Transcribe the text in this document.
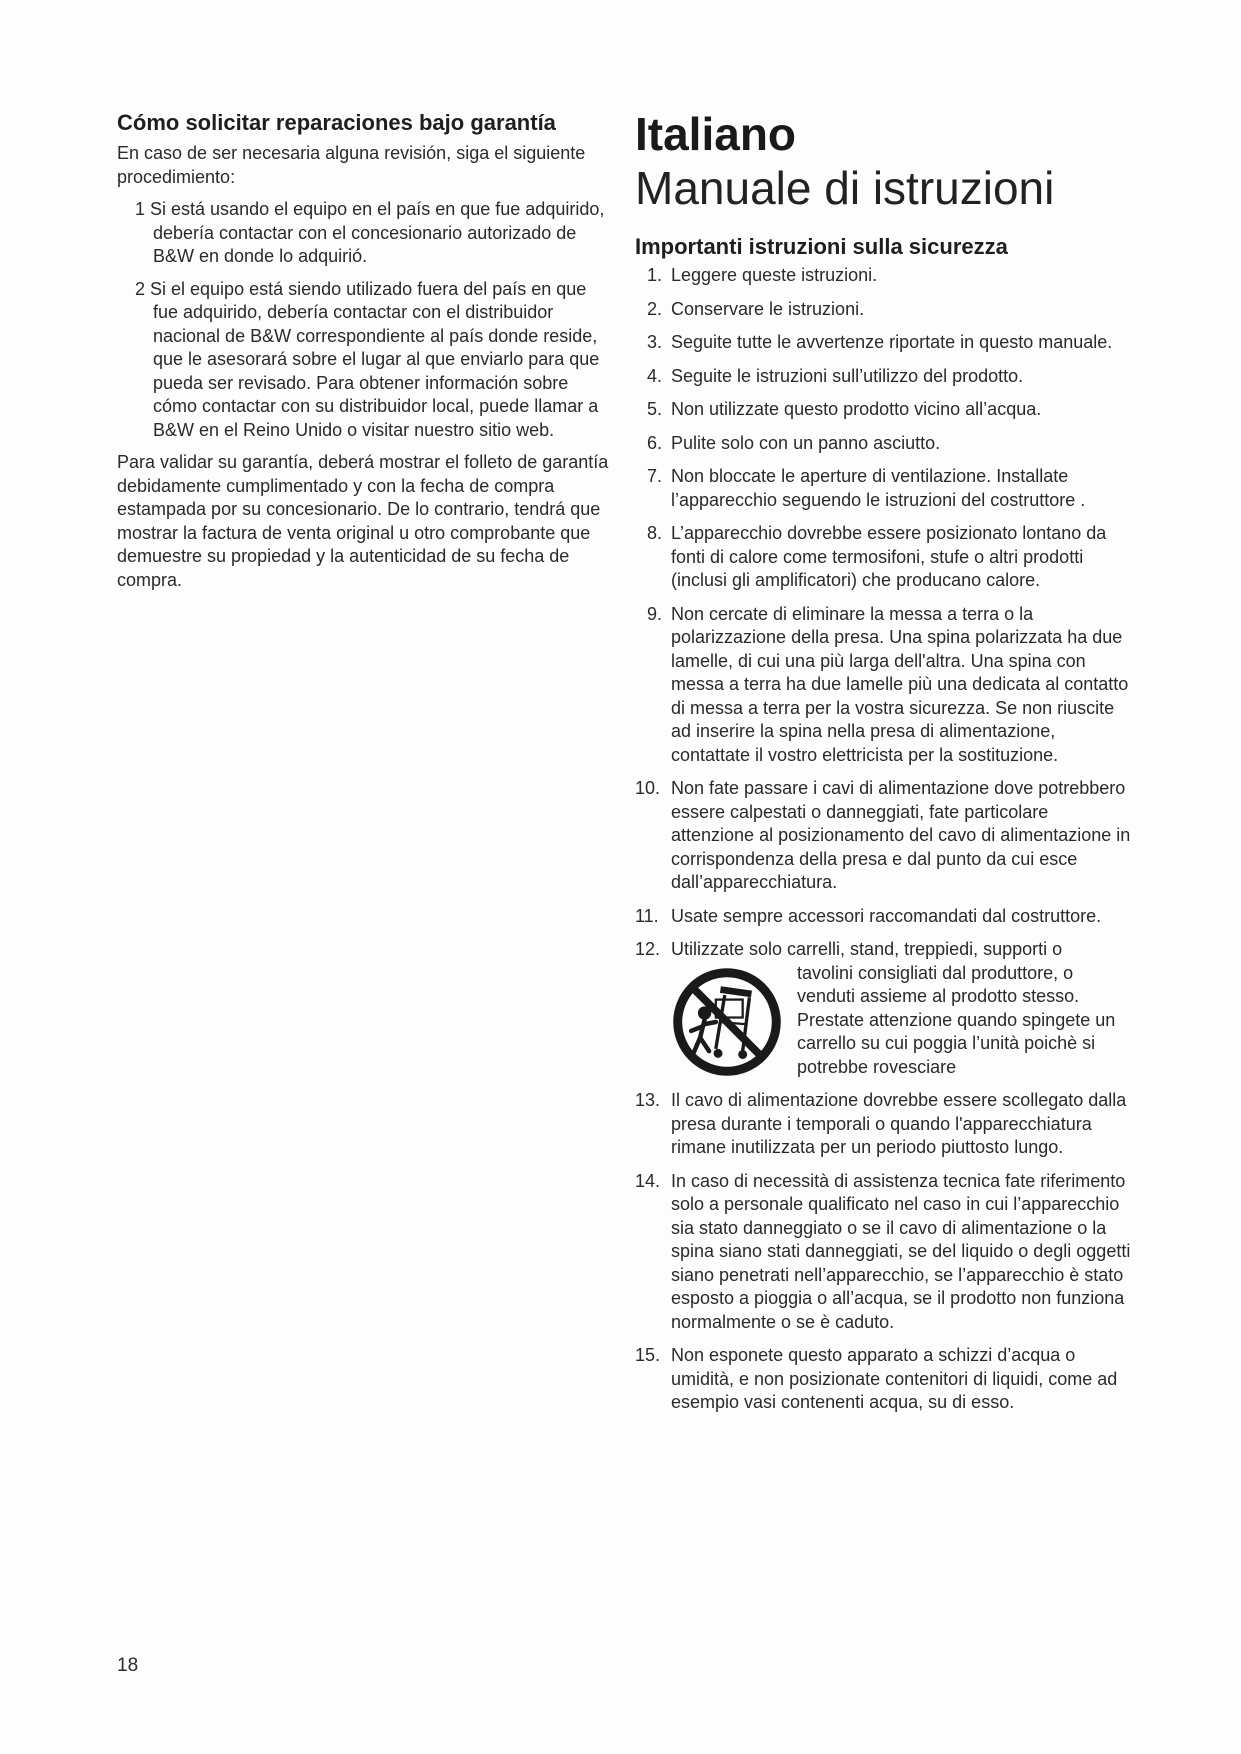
Cómo solicitar reparaciones bajo garantía

En caso de ser necesaria alguna revisión, siga el siguiente procedimiento:

1 Si está usando el equipo en el país en que fue adquirido, debería contactar con el concesionario autorizado de B&W en donde lo adquirió.

2 Si el equipo está siendo utilizado fuera del país en que fue adquirido, debería contactar con el distribuidor nacional de B&W correspondiente al país donde reside, que le asesorará sobre el lugar al que enviarlo para que pueda ser revisado. Para obtener información sobre cómo contactar con su distribuidor local, puede llamar a B&W en el Reino Unido o visitar nuestro sitio web.

Para validar su garantía, deberá mostrar el folleto de garantía debidamente cumplimentado y con la fecha de compra estampada por su concesionario. De lo contrario, tendrá que mostrar la factura de venta original u otro comprobante que demuestre su propiedad y la autenticidad de su fecha de compra.

Italiano
Manuale di istruzioni
Importanti istruzioni sulla sicurezza

1. Leggere queste istruzioni.

2. Conservare le istruzioni.

3. Seguite tutte le avvertenze riportate in questo manuale.

4. Seguite le istruzioni sull’utilizzo del prodotto.

5. Non utilizzate questo prodotto vicino all’acqua.

6. Pulite solo con un panno asciutto.

7. Non bloccate le aperture di ventilazione. Installate l’apparecchio seguendo le istruzioni del costruttore .

8. L’apparecchio dovrebbe essere posizionato lontano da fonti di calore come termosifoni, stufe o altri prodotti (inclusi gli amplificatori) che producano calore.

9. Non cercate di eliminare la messa a terra o la polarizzazione della presa. Una spina polarizzata ha due lamelle, di cui una più larga dell'altra. Una spina con messa a terra ha due lamelle più una dedicata al contatto di messa a terra per la vostra sicurezza. Se non riuscite ad inserire la spina nella presa di alimentazione, contattate il vostro elettricista per la sostituzione.

10. Non fate passare i cavi di alimentazione dove potrebbero essere calpestati o danneggiati, fate particolare attenzione al posizionamento del cavo di alimentazione in corrispondenza della presa e dal punto da cui esce dall’apparecchiatura.

11. Usate sempre accessori raccomandati dal costruttore.

12. Utilizzate solo carrelli, stand, treppiedi, supporti o
tavolini consigliati dal produttore, o venduti assieme al prodotto stesso. Prestate attenzione quando spingete un carrello su cui poggia l’unità poichè si potrebbe rovesciare

13. Il cavo di alimentazione dovrebbe essere scollegato dalla presa durante i temporali o quando l'apparecchiatura rimane inutilizzata per un periodo piuttosto lungo.

14. In caso di necessità di assistenza tecnica fate riferimento solo a personale qualificato nel caso in cui l’apparecchio sia stato danneggiato o se il cavo di alimentazione o la spina siano stati danneggiati, se del liquido o degli oggetti siano penetrati nell’apparecchio, se l’apparecchio è stato esposto a pioggia o all’acqua, se il prodotto non funziona normalmente o se è caduto.

15. Non esponete questo apparato a schizzi d’acqua o umidità, e non posizionate contenitori di liquidi, come ad esempio vasi contenenti acqua, su di esso.

18
